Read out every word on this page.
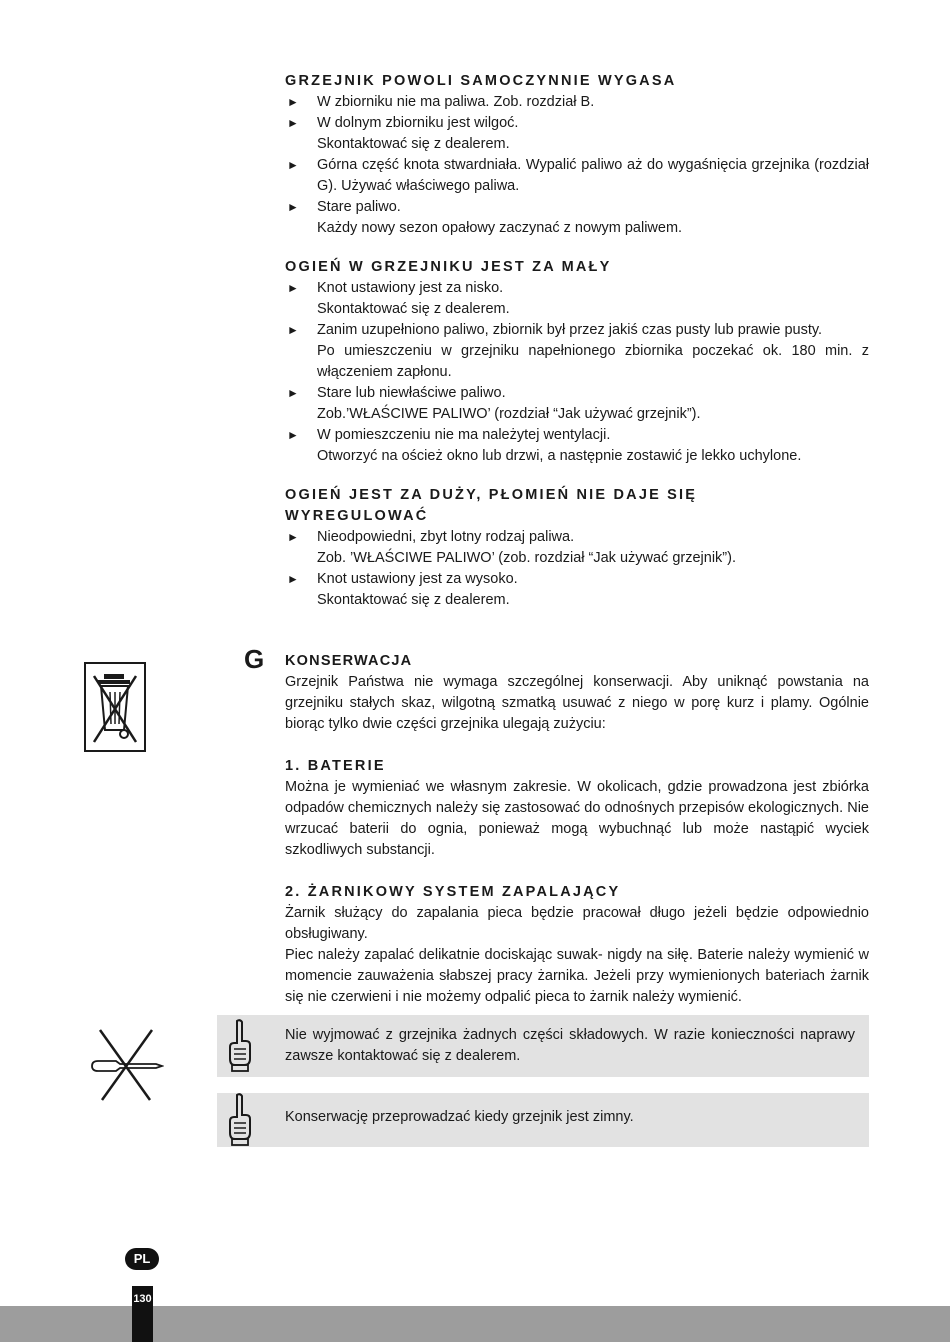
GRZEJNIK POWOLI SAMOCZYNNIE WYGASA

► W zbiorniku nie ma paliwa. Zob. rozdział B.

► W dolnym zbiorniku jest wilgoć.

Skontaktować się z dealerem.

► Górna część knota stwardniała. Wypalić paliwo aż do wygaśnięcia grzejnika (rozdział G). Używać właściwego paliwa.

► Stare paliwo.

Każdy nowy sezon opałowy zaczynać z nowym paliwem.

OGIEŃ W GRZEJNIKU JEST ZA MAŁY

► Knot ustawiony jest za nisko.

Skontaktować się z dealerem.

► Zanim uzupełniono paliwo, zbiornik był przez jakiś czas pusty lub prawie pusty.

Po umieszczeniu w grzejniku napełnionego zbiornika poczekać ok. 180 min. z włączeniem zapłonu.

► Stare lub niewłaściwe paliwo.

Zob.’WŁAŚCIWE PALIWO’ (rozdział “Jak używać grzejnik”).

► W pomieszczeniu nie ma należytej wentylacji.

Otworzyć na oścież okno lub drzwi, a następnie zostawić je lekko uchylone.

OGIEŃ JEST ZA DUŻY, PŁOMIEŃ NIE DAJE SIĘ WYREGULOWAĆ

► Nieodpowiedni, zbyt lotny rodzaj paliwa.

Zob. ’WŁAŚCIWE PALIWO’ (zob. rozdział “Jak używać grzejnik”).

► Knot ustawiony jest za wysoko.

Skontaktować się z dealerem.

G KONSERWACJA

Grzejnik Państwa nie wymaga szczególnej konserwacji. Aby uniknąć powstania na grzejniku stałych skaz, wilgotną szmatką usuwać z niego w porę kurz i plamy. Ogólnie biorąc tylko dwie części grzejnika ulegają zużyciu:

1. BATERIE

Można je wymieniać we własnym zakresie. W okolicach, gdzie prowadzona jest zbiórka odpadów chemicznych należy się zastosować do odnośnych przepisów ekologicznych. Nie wrzucać baterii do ognia, ponieważ mogą wybuchnąć lub może nastąpić wyciek szkodliwych substancji.

2. ŻARNIKOWY SYSTEM ZAPALAJĄCY

Żarnik służący do zapalania pieca będzie pracował długo jeżeli będzie odpowiednio obsługiwany.

Piec należy zapalać delikatnie dociskając suwak- nigdy na siłę. Baterie należy wymienić w momencie zauważenia słabszej pracy żarnika. Jeżeli przy wymienionych bateriach żarnik się nie czerwieni i nie możemy odpalić pieca to żarnik należy wymienić.

Nie wyjmować z grzejnika żadnych części składowych. W razie konieczności naprawy zawsze kontaktować się z dealerem.
Konserwację przeprowadzać kiedy grzejnik jest zimny.
PL
130
